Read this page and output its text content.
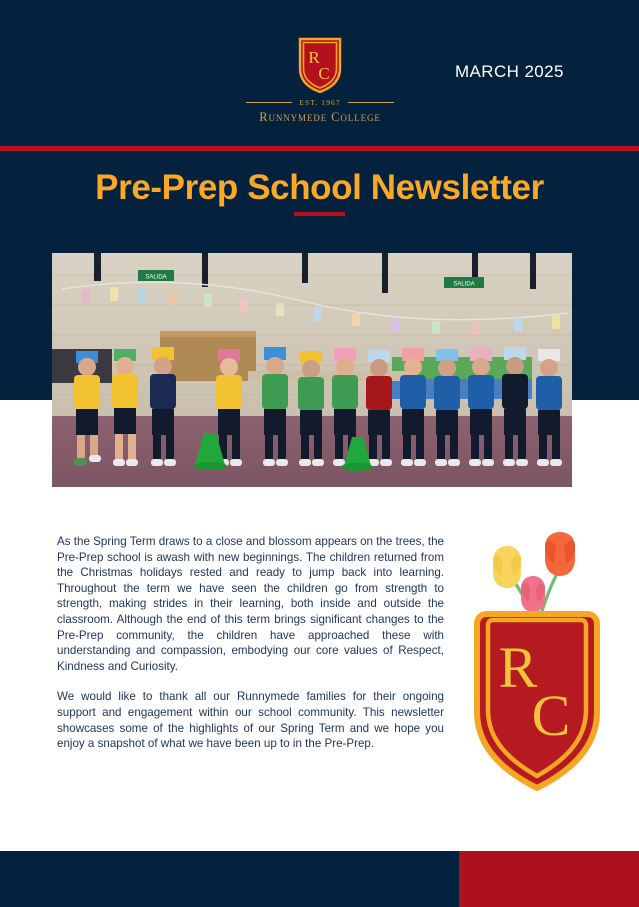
R
C
EST. 1967
Runnymede College
MARCH 2025
Pre-Prep School Newsletter
SALIDA
SALIDA

As the Spring Term draws to a close and blossom appears on the trees, the Pre-Prep school is awash with new beginnings. The children returned from the Christmas holidays rested and ready to jump back into learning. Throughout the term we have seen the children go from strength to strength, making strides in their learning, both inside and outside the classroom. Although the end of this term brings significant changes to the Pre-Prep community, the children have approached these with understanding and compassion, embodying our core values of Respect, Kindness and Curiosity.

We would like to thank all our Runnymede families for their ongoing support and engagement within our school community. This newsletter showcases some of the highlights of our Spring Term and we hope you enjoy a snapshot of what we have been up to in the Pre-Prep.

R
C
